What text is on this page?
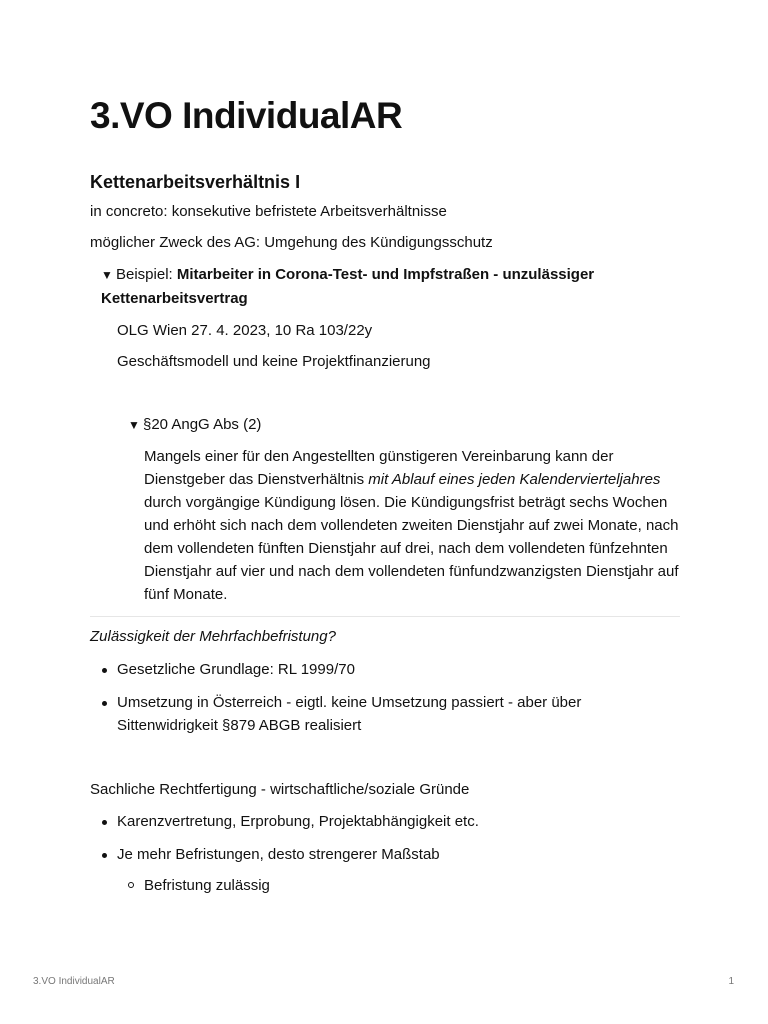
3.VO IndividualAR
Kettenarbeitsverhältnis I

in concreto: konsekutive befristete Arbeitsverhältnisse

möglicher Zweck des AG: Umgehung des Kündigungsschutz

▼ Beispiel: Mitarbeiter in Corona-Test- und Impfstraßen - unzulässiger Kettenarbeitsvertrag

OLG Wien 27. 4. 2023, 10 Ra 103/22y

Geschäftsmodell und keine Projektfinanzierung

▼ §20 AngG Abs (2)

Mangels einer für den Angestellten günstigeren Vereinbarung kann der Dienstgeber das Dienstverhältnis mit Ablauf eines jeden Kalendervierteljahres durch vorgängige Kündigung lösen. Die Kündigungsfrist beträgt sechs Wochen und erhöht sich nach dem vollendeten zweiten Dienstjahr auf zwei Monate, nach dem vollendeten fünften Dienstjahr auf drei, nach dem vollendeten fünfzehnten Dienstjahr auf vier und nach dem vollendeten fünfundzwanzigsten Dienstjahr auf fünf Monate.

Zulässigkeit der Mehrfachbefristung?

Gesetzliche Grundlage: RL 1999/70
Umsetzung in Österreich - eigtl. keine Umsetzung passiert - aber über Sittenwidrigkeit §879 ABGB realisiert

Sachliche Rechtfertigung - wirtschaftliche/soziale Gründe

Karenzvertretung, Erprobung, Projektabhängigkeit etc.
Je mehr Befristungen, desto strengerer Maßstab
Befristung zulässig
3.VO IndividualAR	1
